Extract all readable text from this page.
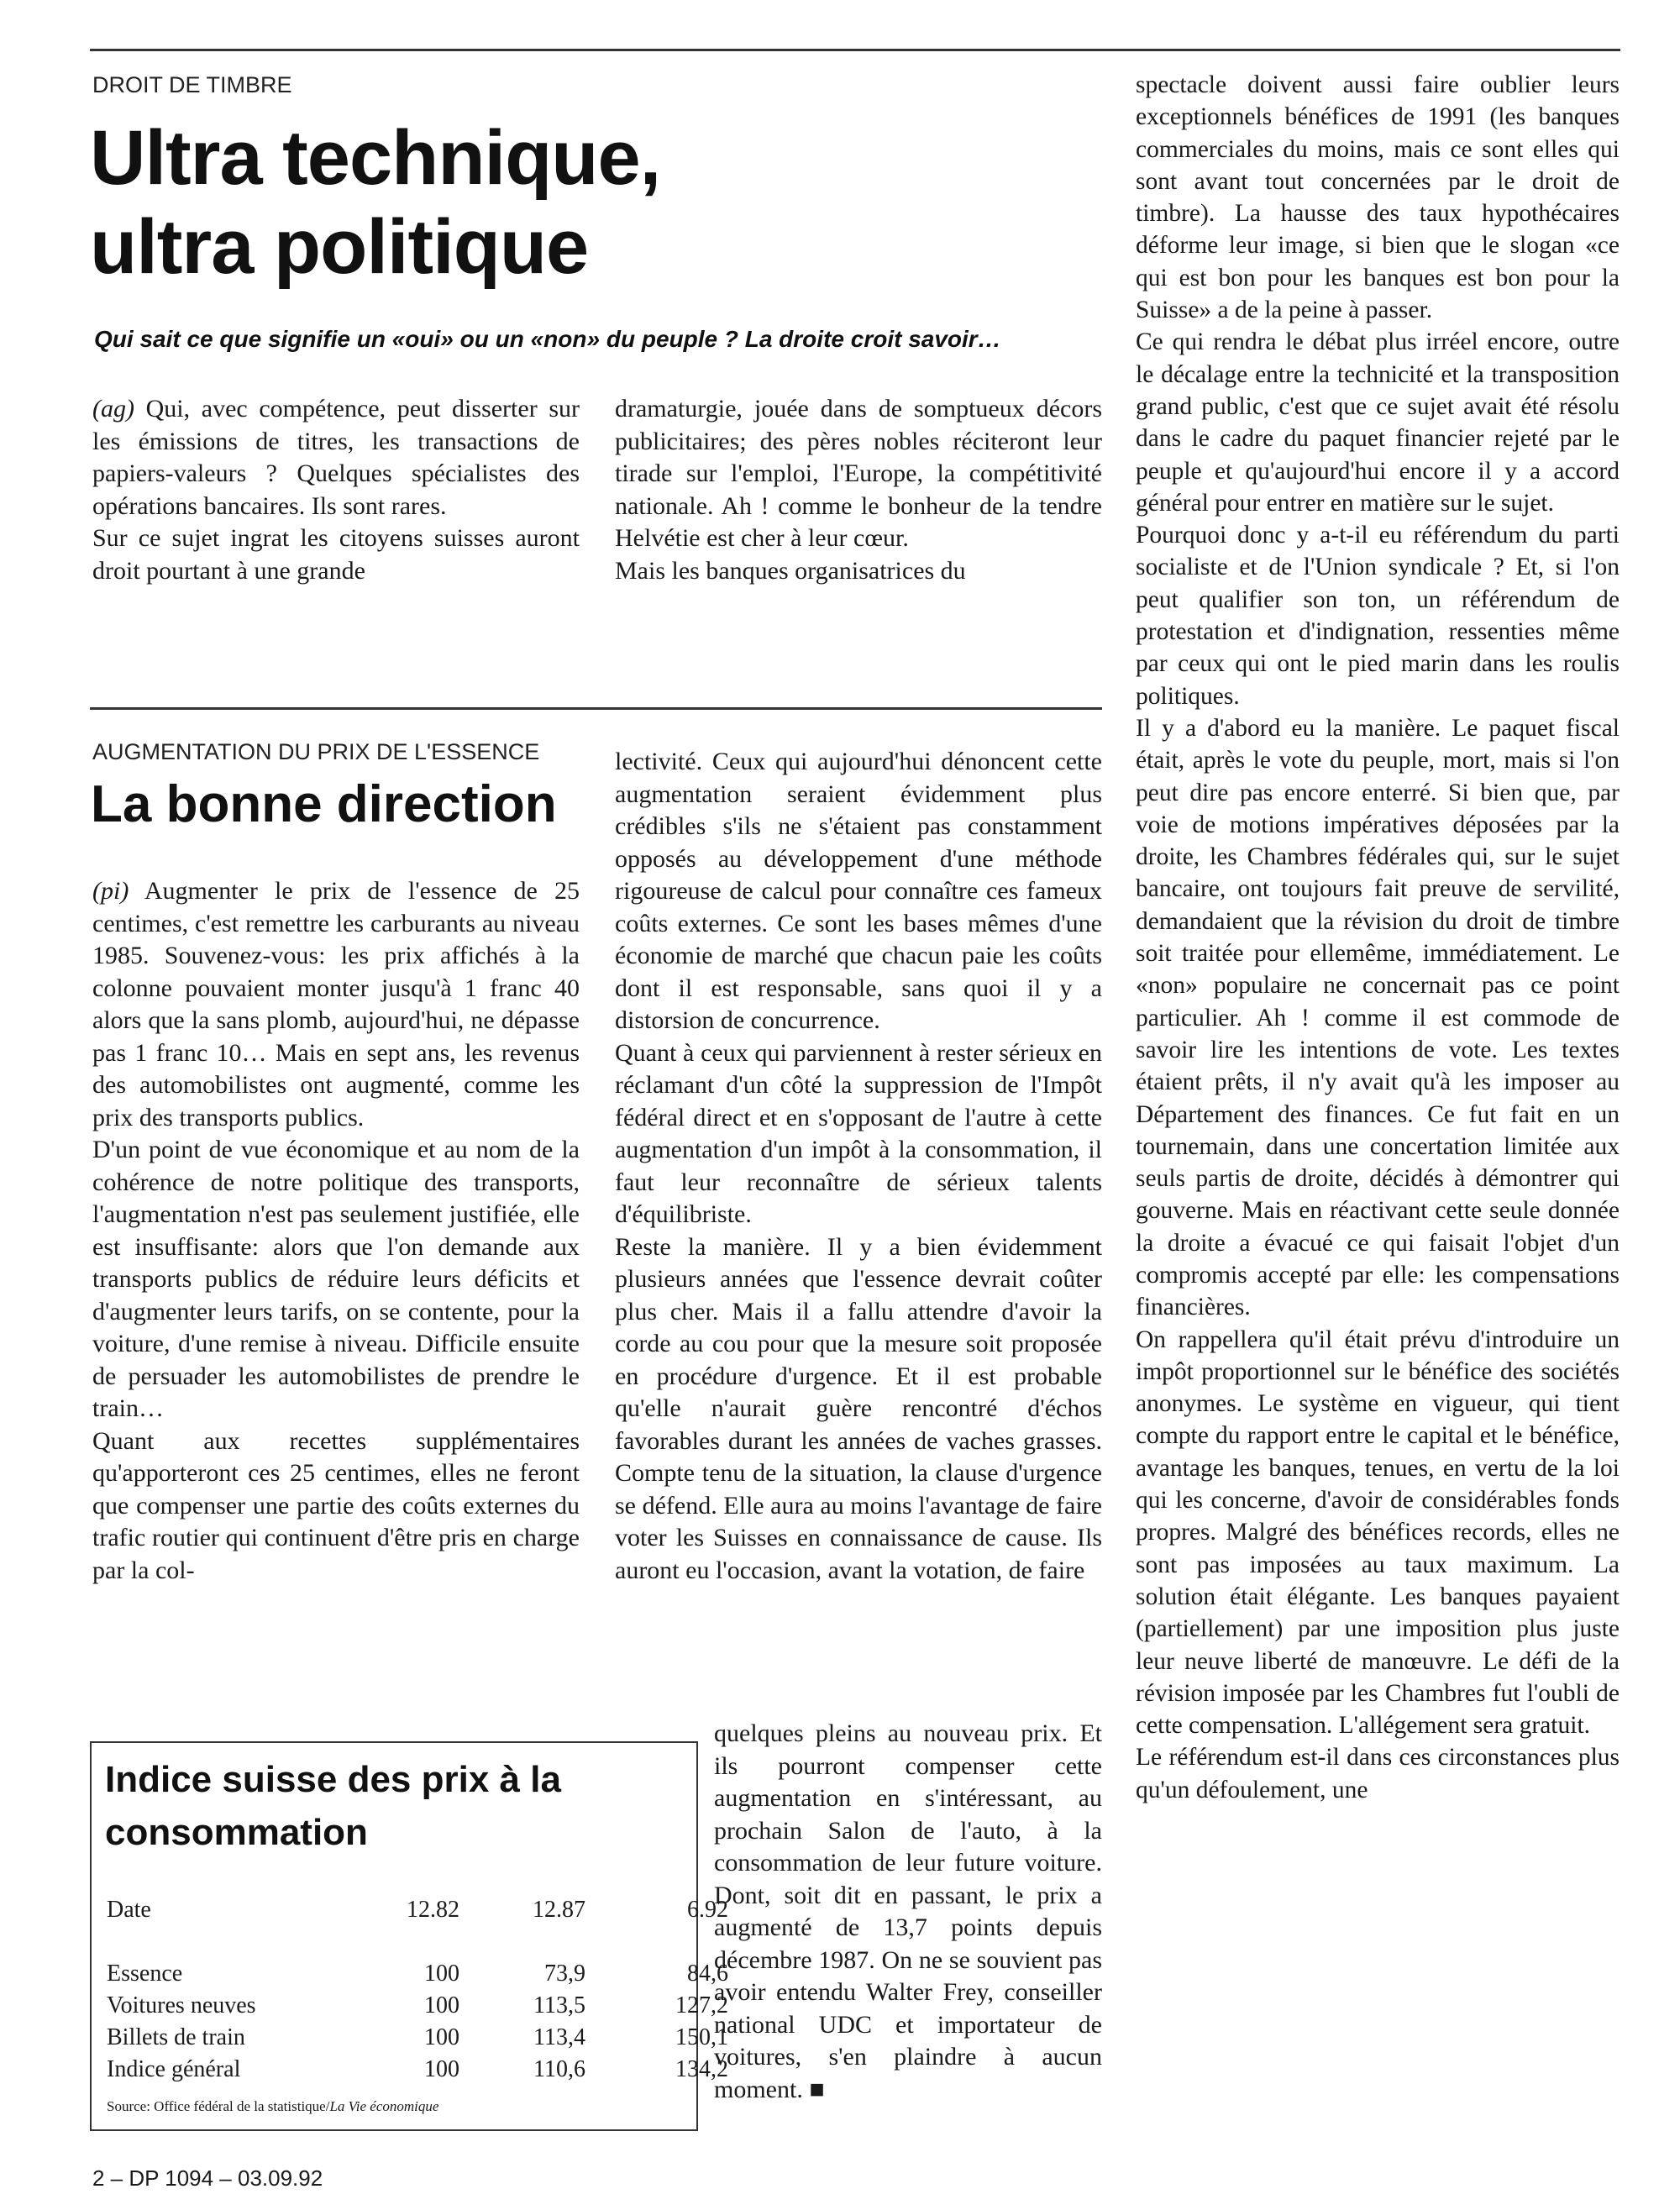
DROIT DE TIMBRE
Ultra technique,
ultra politique
Qui sait ce que signifie un «oui» ou un «non» du peuple ? La droite croit savoir…

(ag) Qui, avec compétence, peut disserter sur les émissions de titres, les transactions de papiers-valeurs ? Quelques spécialistes des opérations bancaires. Ils sont rares.

Sur ce sujet ingrat les citoyens suisses auront droit pourtant à une grande

dramaturgie, jouée dans de somptueux décors publicitaires; des pères nobles réciteront leur tirade sur l'emploi, l'Europe, la compétitivité nationale. Ah ! comme le bonheur de la tendre Helvétie est cher à leur cœur.

Mais les banques organisatrices du

spectacle doivent aussi faire oublier leurs exceptionnels bénéfices de 1991 (les banques commerciales du moins, mais ce sont elles qui sont avant tout concernées par le droit de timbre). La hausse des taux hypothécaires déforme leur image, si bien que le slogan «ce qui est bon pour les banques est bon pour la Suisse» a de la peine à passer.

Ce qui rendra le débat plus irréel encore, outre le décalage entre la technicité et la transposition grand public, c'est que ce sujet avait été résolu dans le cadre du paquet financier rejeté par le peuple et qu'aujourd'hui encore il y a accord général pour entrer en matière sur le sujet.

Pourquoi donc y a-t-il eu référendum du parti socialiste et de l'Union syndicale ? Et, si l'on peut qualifier son ton, un référendum de protestation et d'indignation, ressenties même par ceux qui ont le pied marin dans les roulis politiques.

Il y a d'abord eu la manière. Le paquet fiscal était, après le vote du peuple, mort, mais si l'on peut dire pas encore enterré. Si bien que, par voie de motions impératives déposées par la droite, les Chambres fédérales qui, sur le sujet bancaire, ont toujours fait preuve de servilité, demandaient que la révision du droit de timbre soit traitée pour ellemême, immédiatement. Le «non» populaire ne concernait pas ce point particulier. Ah ! comme il est commode de savoir lire les intentions de vote. Les textes étaient prêts, il n'y avait qu'à les imposer au Département des finances. Ce fut fait en un tournemain, dans une concertation limitée aux seuls partis de droite, décidés à démontrer qui gouverne. Mais en réactivant cette seule donnée la droite a évacué ce qui faisait l'objet d'un compromis accepté par elle: les compensations financières.

On rappellera qu'il était prévu d'introduire un impôt proportionnel sur le bénéfice des sociétés anonymes. Le système en vigueur, qui tient compte du rapport entre le capital et le bénéfice, avantage les banques, tenues, en vertu de la loi qui les concerne, d'avoir de considérables fonds propres. Malgré des bénéfices records, elles ne sont pas imposées au taux maximum. La solution était élégante. Les banques payaient (partiellement) par une imposition plus juste leur neuve liberté de manœuvre. Le défi de la révision imposée par les Chambres fut l'oubli de cette compensation. L'allégement sera gratuit.

Le référendum est-il dans ces circonstances plus qu'un défoulement, une

AUGMENTATION DU PRIX DE L'ESSENCE
La bonne direction

(pi) Augmenter le prix de l'essence de 25 centimes, c'est remettre les carburants au niveau 1985. Souvenez-vous: les prix affichés à la colonne pouvaient monter jusqu'à 1 franc 40 alors que la sans plomb, aujourd'hui, ne dépasse pas 1 franc 10… Mais en sept ans, les revenus des automobilistes ont augmenté, comme les prix des transports publics.

D'un point de vue économique et au nom de la cohérence de notre politique des transports, l'augmentation n'est pas seulement justifiée, elle est insuffisante: alors que l'on demande aux transports publics de réduire leurs déficits et d'augmenter leurs tarifs, on se contente, pour la voiture, d'une remise à niveau. Difficile ensuite de persuader les automobilistes de prendre le train…

Quant aux recettes supplémentaires qu'apporteront ces 25 centimes, elles ne feront que compenser une partie des coûts externes du trafic routier qui continuent d'être pris en charge par la col-

lectivité. Ceux qui aujourd'hui dénoncent cette augmentation seraient évidemment plus crédibles s'ils ne s'étaient pas constamment opposés au développement d'une méthode rigoureuse de calcul pour connaître ces fameux coûts externes. Ce sont les bases mêmes d'une économie de marché que chacun paie les coûts dont il est responsable, sans quoi il y a distorsion de concurrence.

Quant à ceux qui parviennent à rester sérieux en réclamant d'un côté la suppression de l'Impôt fédéral direct et en s'opposant de l'autre à cette augmentation d'un impôt à la consommation, il faut leur reconnaître de sérieux talents d'équilibriste.

Reste la manière. Il y a bien évidemment plusieurs années que l'essence devrait coûter plus cher. Mais il a fallu attendre d'avoir la corde au cou pour que la mesure soit proposée en procédure d'urgence. Et il est probable qu'elle n'aurait guère rencontré d'échos favorables durant les années de vaches grasses. Compte tenu de la situation, la clause d'urgence se défend. Elle aura au moins l'avantage de faire voter les Suisses en connaissance de cause. Ils auront eu l'occasion, avant la votation, de faire

quelques pleins au nouveau prix. Et ils pourront compenser cette augmentation en s'intéressant, au prochain Salon de l'auto, à la consommation de leur future voiture. Dont, soit dit en passant, le prix a augmenté de 13,7 points depuis décembre 1987. On ne se souvient pas avoir entendu Walter Frey, conseiller national UDC et importateur de voitures, s'en plaindre à aucun moment. ■

Indice suisse des prix à la
consommation
Date	12.82	12.87	6.92
Essence	100	73,9	84,6
Voitures neuves	100	113,5	127,2
Billets de train	100	113,4	150,1
Indice général	100	110,6	134,2
Source: Office fédéral de la statistique/La Vie économique
2 – DP 1094 – 03.09.92
